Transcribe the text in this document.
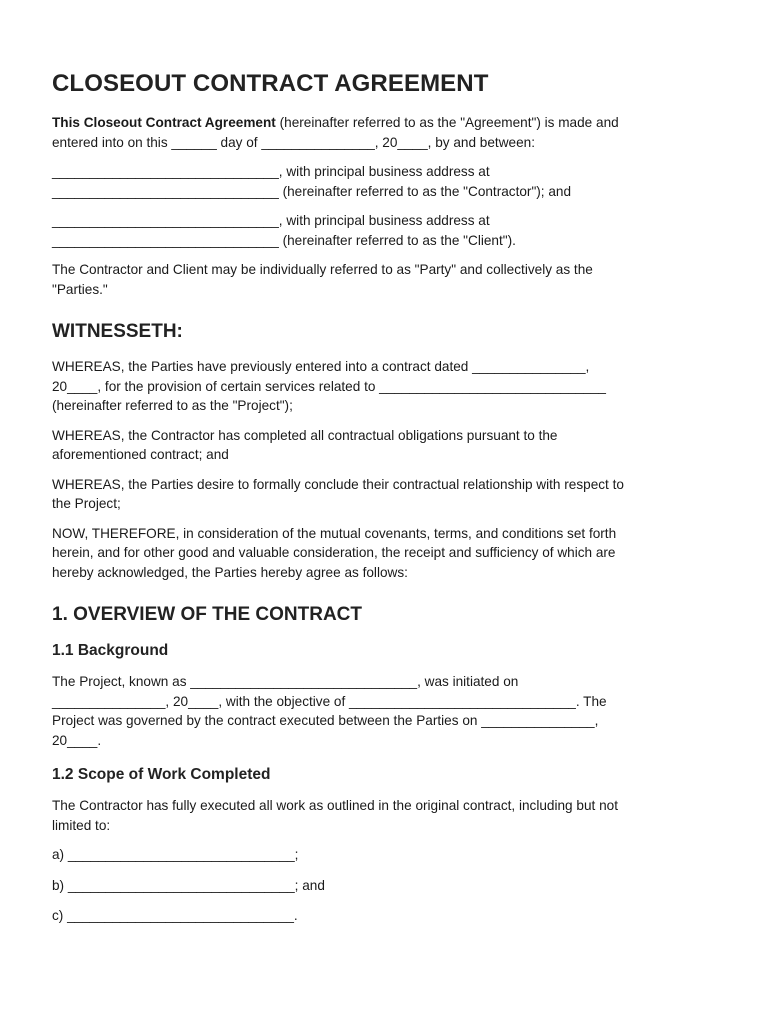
CLOSEOUT CONTRACT AGREEMENT

This Closeout Contract Agreement (hereinafter referred to as the "Agreement") is made and
entered into on this ______ day of _______________, 20____, by and between:

______________________________, with principal business address at
______________________________ (hereinafter referred to as the "Contractor"); and

______________________________, with principal business address at
______________________________ (hereinafter referred to as the "Client").

The Contractor and Client may be individually referred to as "Party" and collectively as the
"Parties."

WITNESSETH:

WHEREAS, the Parties have previously entered into a contract dated _______________,
20____, for the provision of certain services related to ______________________________
(hereinafter referred to as the "Project");

WHEREAS, the Contractor has completed all contractual obligations pursuant to the
aforementioned contract; and

WHEREAS, the Parties desire to formally conclude their contractual relationship with respect to
the Project;

NOW, THEREFORE, in consideration of the mutual covenants, terms, and conditions set forth
herein, and for other good and valuable consideration, the receipt and sufficiency of which are
hereby acknowledged, the Parties hereby agree as follows:

1. OVERVIEW OF THE CONTRACT
1.1 Background

The Project, known as ______________________________, was initiated on
_______________, 20____, with the objective of ______________________________. The
Project was governed by the contract executed between the Parties on _______________,
20____.

1.2 Scope of Work Completed

The Contractor has fully executed all work as outlined in the original contract, including but not
limited to:

a) ______________________________;

b) ______________________________; and

c) ______________________________.
